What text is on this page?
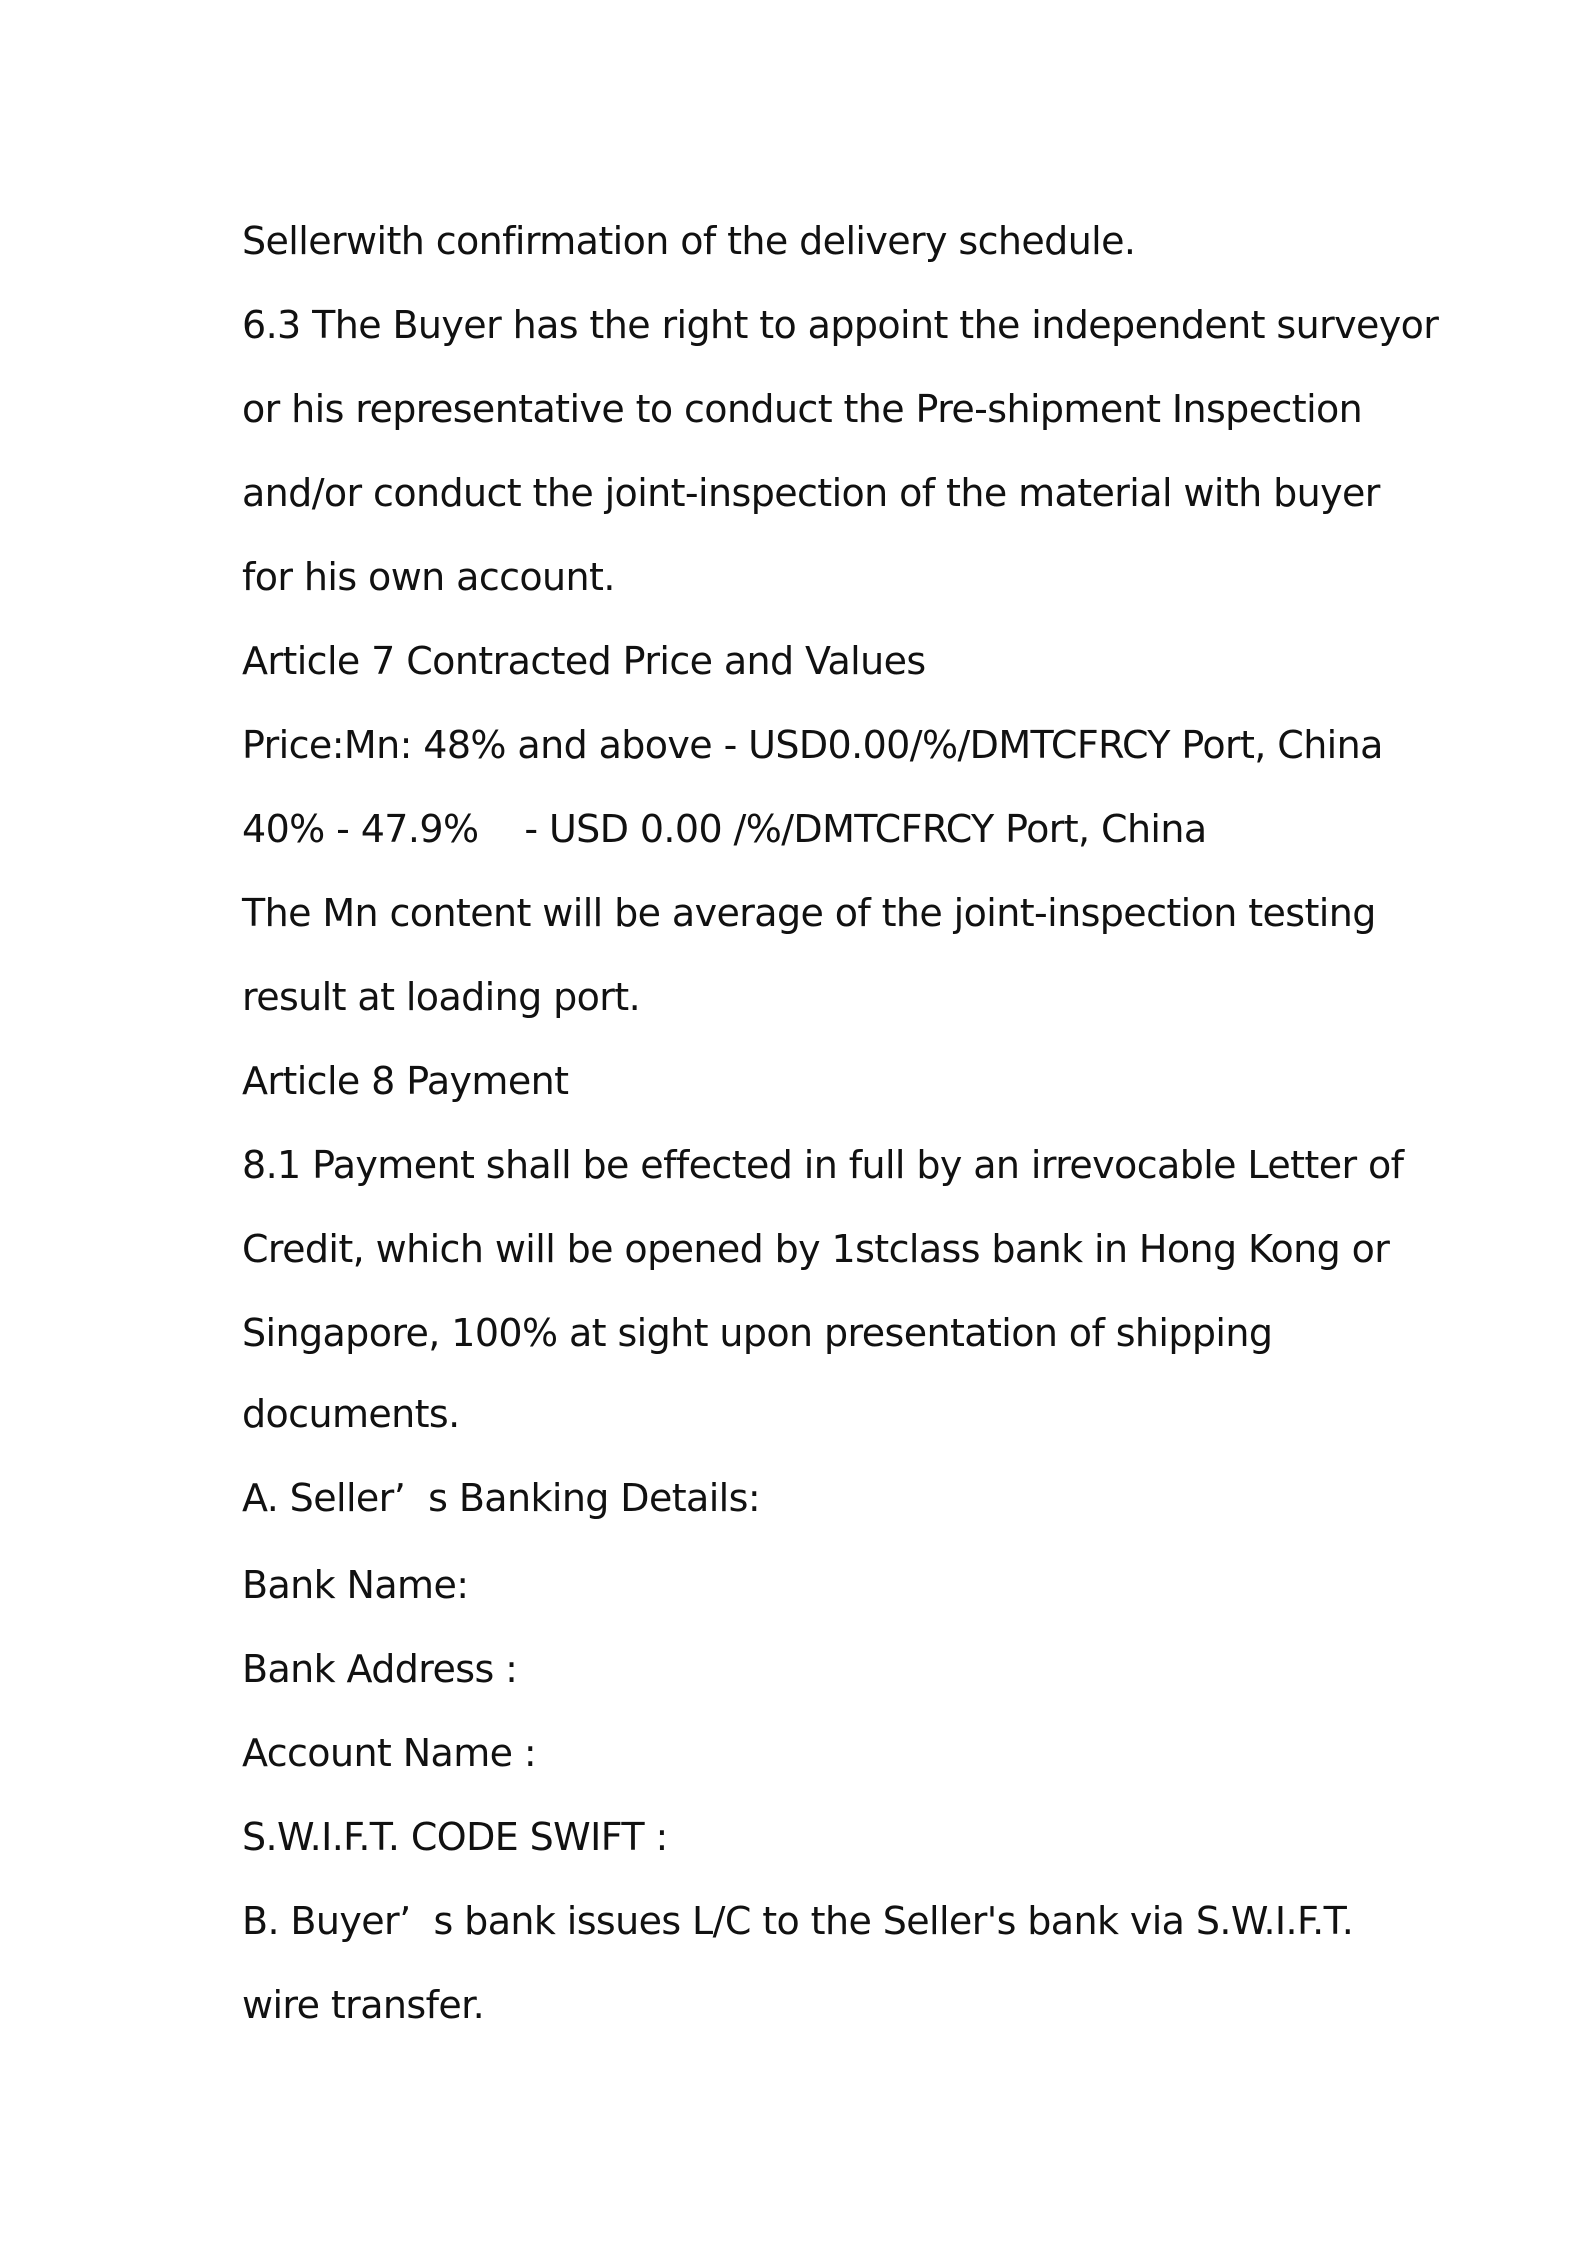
Sellerwith confirmation of the delivery schedule.
6.3 The Buyer has the right to appoint the independent surveyor
or his representative to conduct the Pre-shipment Inspection
and/or conduct the joint-inspection of the material with buyer
for his own account.
Article 7 Contracted Price and Values
Price:Mn: 48% and above - USD0.00/%/DMTCFRCY Port, China
40% - 47.9%    - USD 0.00 /%/DMTCFRCY Port, China
The Mn content will be average of the joint-inspection testing
result at loading port.
Article 8 Payment
8.1 Payment shall be effected in full by an irrevocable Letter of
Credit, which will be opened by 1stclass bank in Hong Kong or
Singapore, 100% at sight upon presentation of shipping
documents.
A. Seller’  s Banking Details:
Bank Name:
Bank Address :
Account Name :
S.W.I.F.T. CODE SWIFT :
B. Buyer’  s bank issues L/C to the Seller's bank via S.W.I.F.T.
wire transfer.
